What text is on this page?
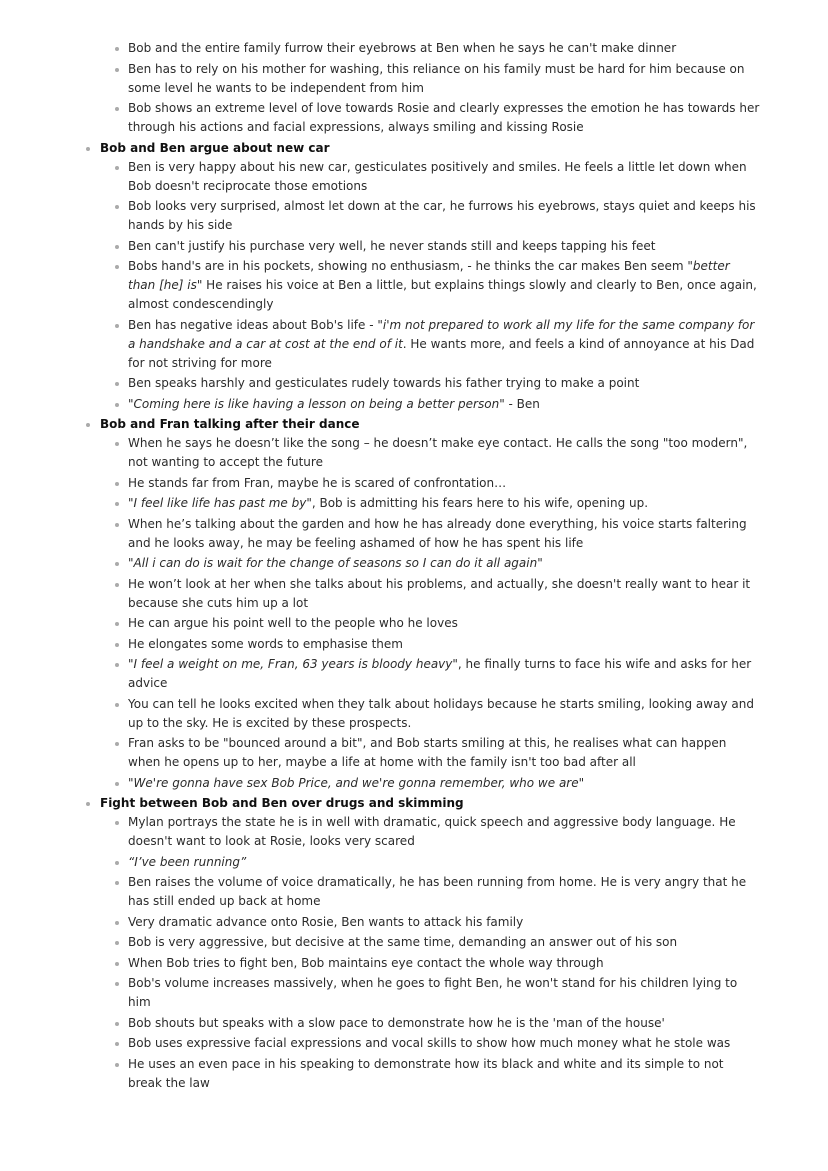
Bob and the entire family furrow their eyebrows at Ben when he says he can't make dinner
Ben has to rely on his mother for washing, this reliance on his family must be hard for him because on some level he wants to be independent from him
Bob shows an extreme level of love towards Rosie and clearly expresses the emotion he has towards her through his actions and facial expressions, always smiling and kissing Rosie
Bob and Ben argue about new car
Ben is very happy about his new car, gesticulates positively and smiles. He feels a little let down when Bob doesn't reciprocate those emotions
Bob looks very surprised, almost let down at the car, he furrows his eyebrows, stays quiet and keeps his hands by his side
Ben can't justify his purchase very well, he never stands still and keeps tapping his feet
Bobs hand's are in his pockets, showing no enthusiasm, - he thinks the car makes Ben seem "better than [he] is" He raises his voice at Ben a little, but explains things slowly and clearly to Ben, once again, almost condescendingly
Ben has negative ideas about Bob's life - "i'm not prepared to work all my life for the same company for a handshake and a car at cost at the end of it. He wants more, and feels a kind of annoyance at his Dad for not striving for more
Ben speaks harshly and gesticulates rudely towards his father trying to make a point
"Coming here is like having a lesson on being a better person" - Ben
Bob and Fran talking after their dance
When he says he doesn’t like the song – he doesn’t make eye contact. He calls the song "too modern", not wanting to accept the future
He stands far from Fran, maybe he is scared of confrontation…
"I feel like life has past me by", Bob is admitting his fears here to his wife, opening up.
When he’s talking about the garden and how he has already done everything, his voice starts faltering and he looks away, he may be feeling ashamed of how he has spent his life
"All i can do is wait for the change of seasons so I can do it all again"
He won’t look at her when she talks about his problems, and actually, she doesn't really want to hear it because she cuts him up a lot
He can argue his point well to the people who he loves
He elongates some words to emphasise them
"I feel a weight on me, Fran, 63 years is bloody heavy", he finally turns to face his wife and asks for her advice
You can tell he looks excited when they talk about holidays because he starts smiling, looking away and up to the sky. He is excited by these prospects.
Fran asks to be "bounced around a bit", and Bob starts smiling at this, he realises what can happen when he opens up to her, maybe a life at home with the family isn't too bad after all
"We're gonna have sex Bob Price, and we're gonna remember, who we are"
Fight between Bob and Ben over drugs and skimming
Mylan portrays the state he is in well with dramatic, quick speech and aggressive body language. He doesn't want to look at Rosie, looks very scared
“I’ve been running”
Ben raises the volume of voice dramatically, he has been running from home. He is very angry that he has still ended up back at home
Very dramatic advance onto Rosie, Ben wants to attack his family
Bob is very aggressive, but decisive at the same time, demanding an answer out of his son
When Bob tries to fight ben, Bob maintains eye contact the whole way through
Bob's volume increases massively, when he goes to fight Ben, he won't stand for his children lying to him
Bob shouts but speaks with a slow pace to demonstrate how he is the 'man of the house'
Bob uses expressive facial expressions and vocal skills to show how much money what he stole was
He uses an even pace in his speaking to demonstrate how its black and white and its simple to not break the law
